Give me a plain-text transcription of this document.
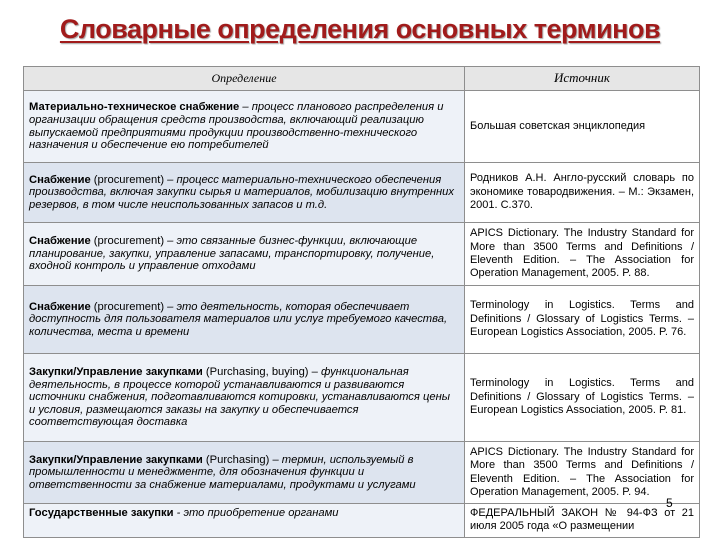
Словарные определения основных терминов
Определение	Источник
Материально-техническое снабжение – процесс планового распределения и организации обращения средств производства, включающий реализацию выпускаемой предприятиями продукции производственно-технического назначения и обеспечение ею потребителей	Большая советская энциклопедия
Снабжение (procurement) – процесс материально-технического обеспечения производства, включая закупки сырья и материалов, мобилизацию внутренних резервов, в том числе неиспользованных запасов и т.д.	Родников А.Н. Англо-русский словарь по экономике товародвижения. – М.: Экзамен, 2001. С.370.
Снабжение (procurement) – это связанные бизнес-функции, включающие планирование, закупки, управление запасами, транспортировку, получение, входной контроль и управление отходами	APICS Dictionary. The Industry Standard for More than 3500 Terms and Definitions / Eleventh Edition. – The Association for Operation Management, 2005. P. 88.
Снабжение (procurement) – это деятельность, которая обеспечивает доступность для пользователя материалов или услуг требуемого качества, количества, места и времени	Terminology in Logistics. Terms and Definitions / Glossary of Logistics Terms. – European Logistics Association, 2005. P. 76.
Закупки/Управление закупками (Purchasing, buying) – функциональная деятельность, в процессе которой устанавливаются и развиваются источники снабжения, подготавливаются котировки, устанавливаются цены и условия, размещаются заказы на закупку и обеспечивается соответствующая доставка	Terminology in Logistics. Terms and Definitions / Glossary of Logistics Terms. – European Logistics Association, 2005. P. 81.
Закупки/Управление закупками (Purchasing) – термин, используемый в промышленности и менеджменте, для обозначения функции и ответственности за снабжение материалами, продуктами и услугами	APICS Dictionary. The Industry Standard for More than 3500 Terms and Definitions / Eleventh Edition. – The Association for Operation Management, 2005. P. 94.
Государственные закупки - это приобретение органами	ФЕДЕРАЛЬНЫЙ ЗАКОН № 94-ФЗ от 21 июля 2005 года «О размещении
5
